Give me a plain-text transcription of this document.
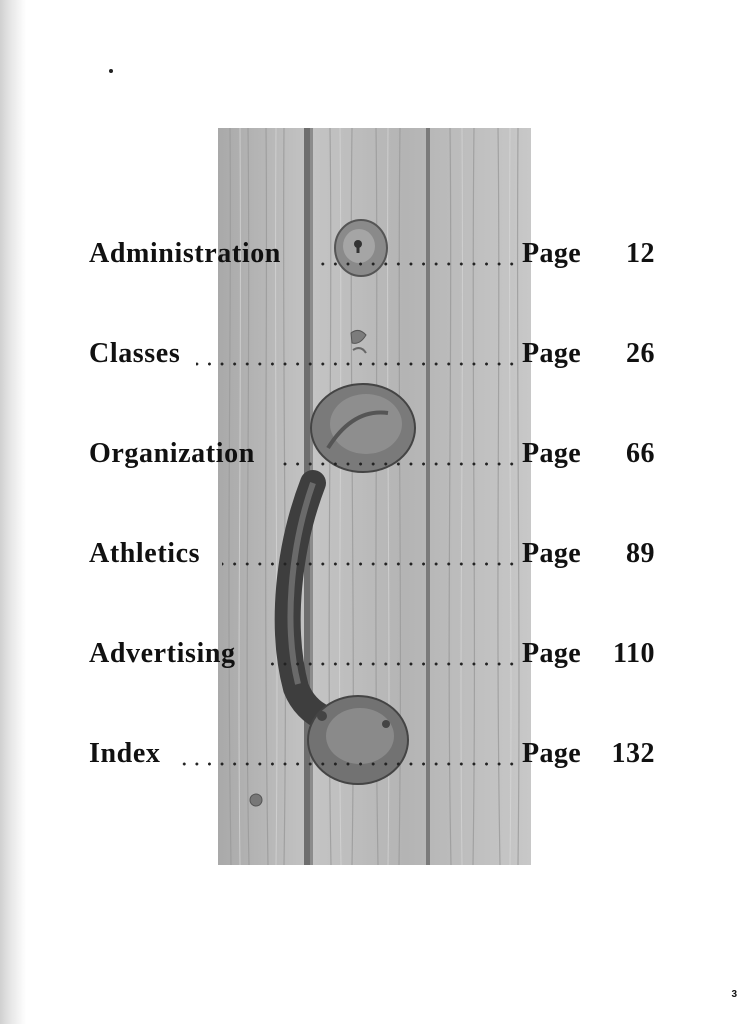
Administration	Page 12
Classes	Page 26
Organization	Page 66
Athletics	Page 89
Advertising	Page 110
Index	Page 132
3
